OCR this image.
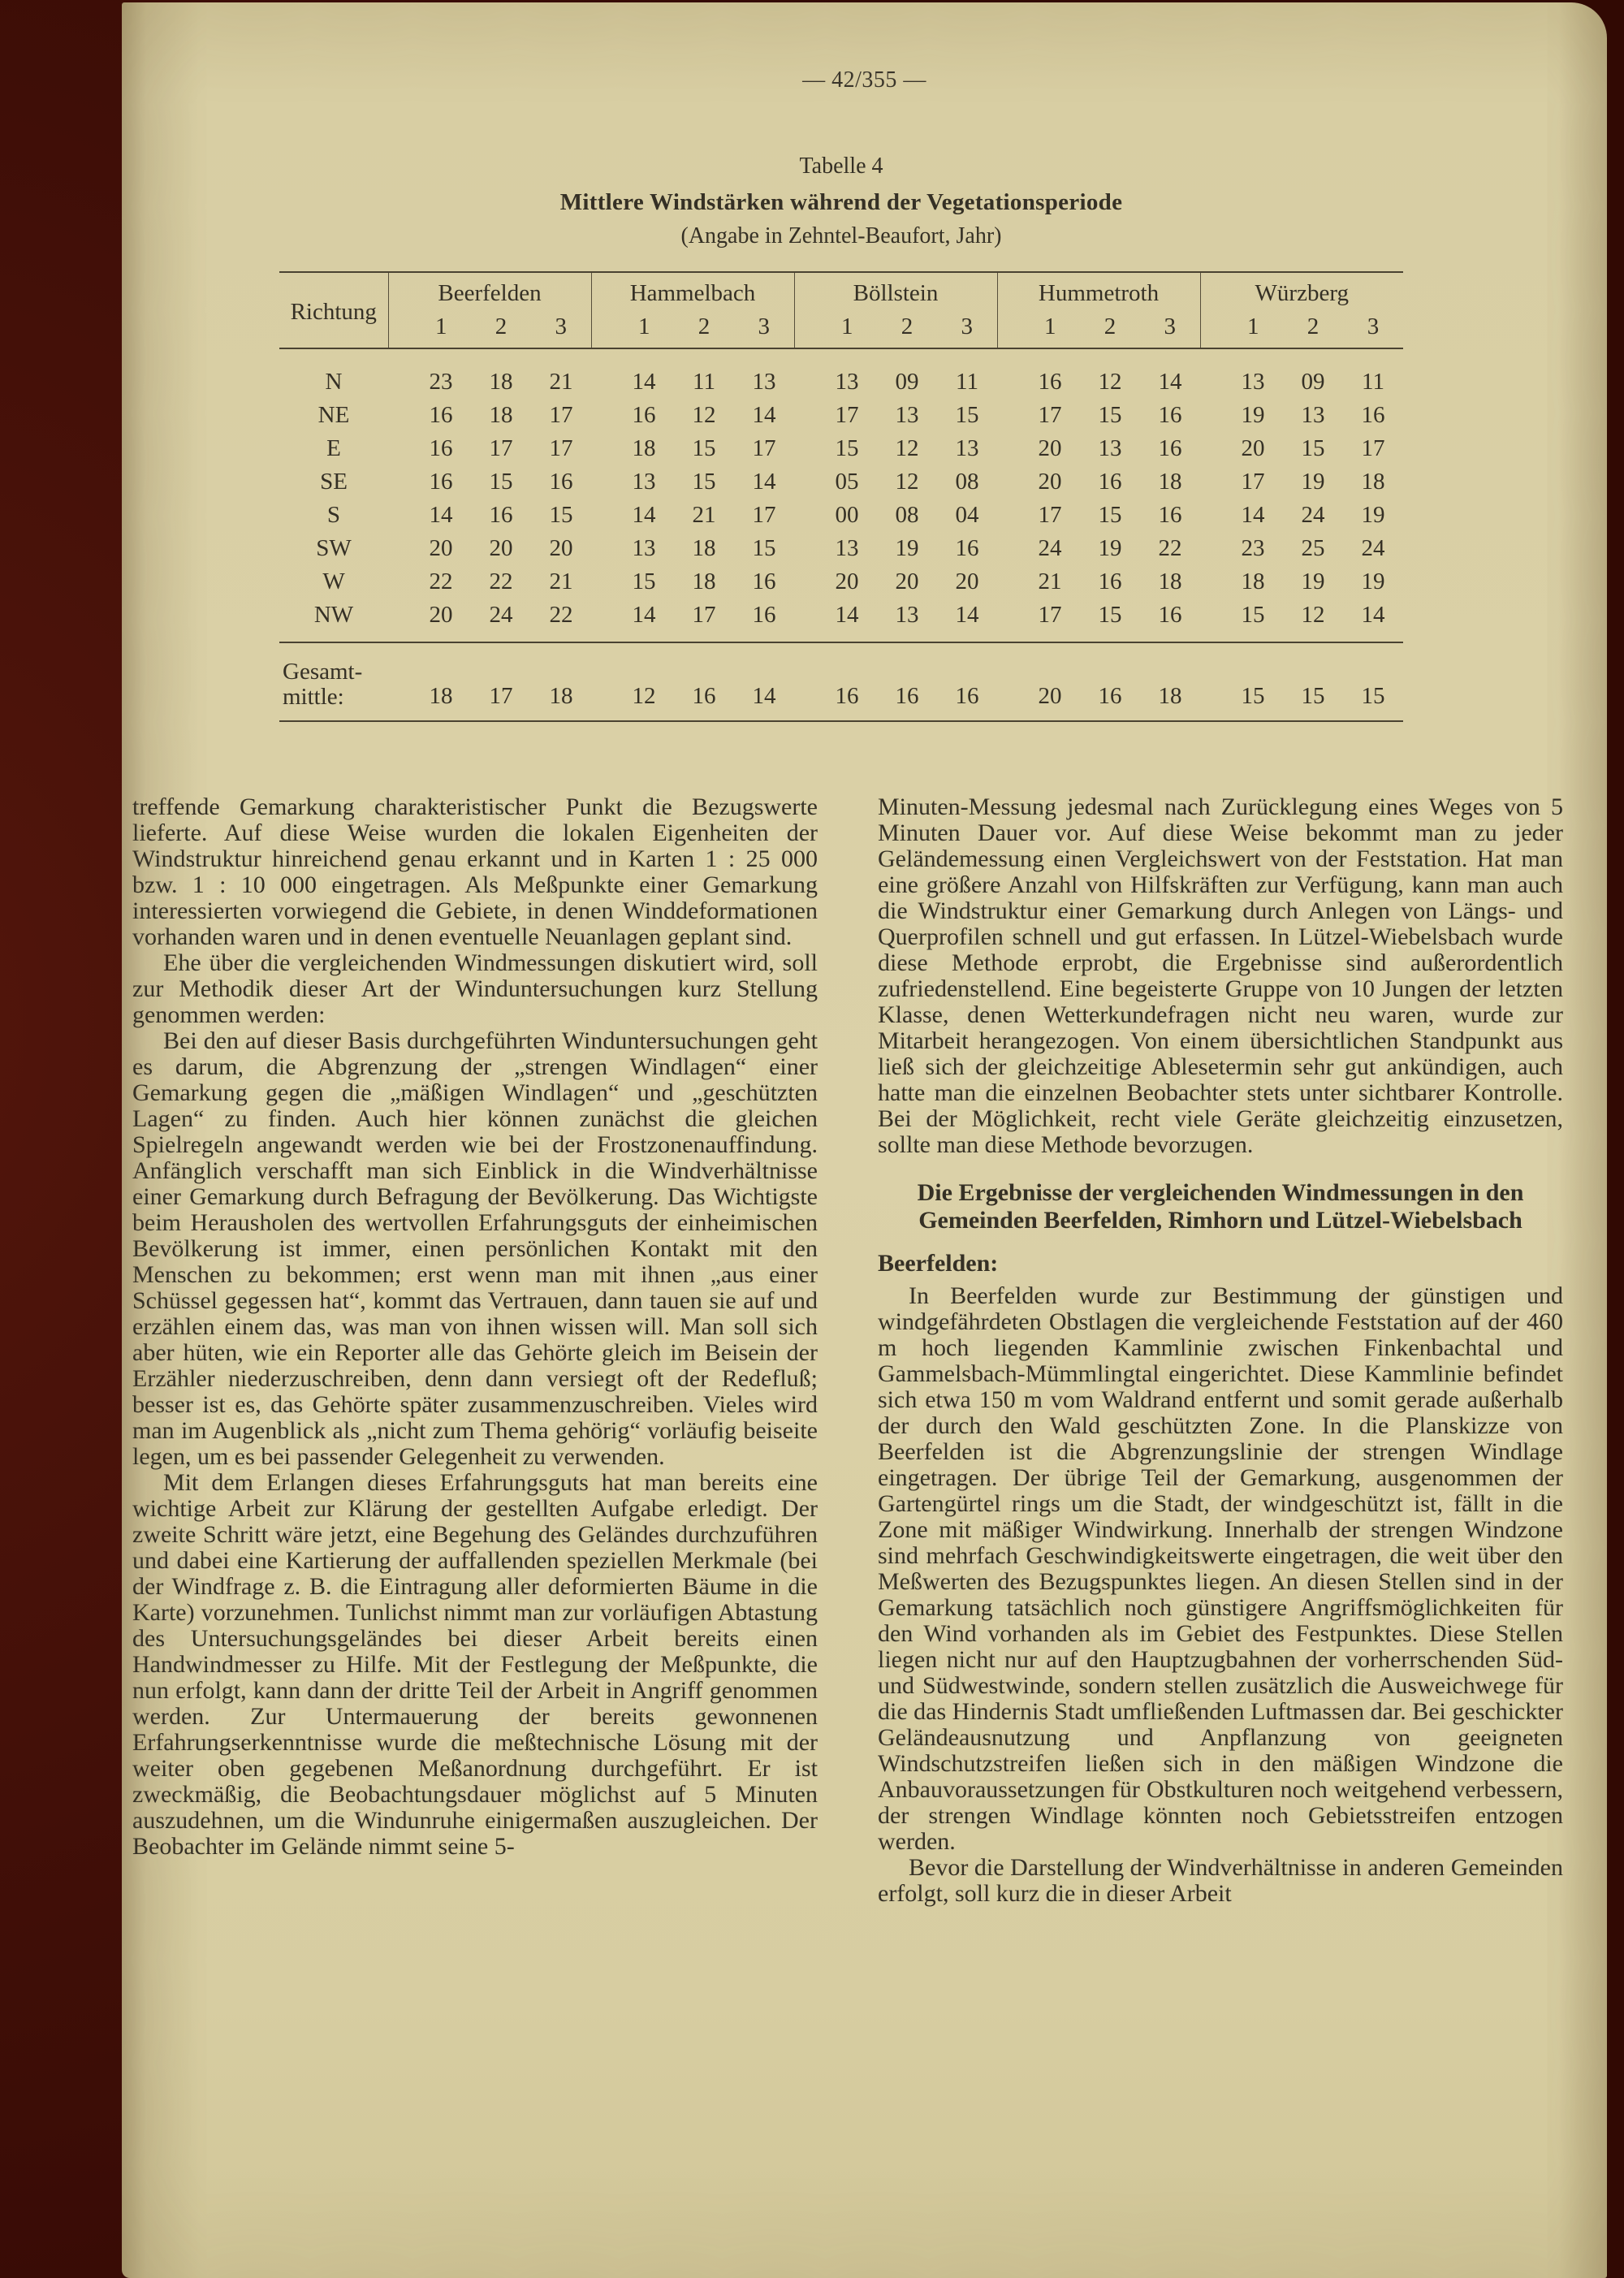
— 42/355 —
Tabelle 4
Mittlere Windstärken während der Vegetationsperiode
(Angabe in Zehntel-Beaufort, Jahr)
Richtung	Beerfelden			Hammelbach			Böllstein			Hummetroth			Würzberg		
	1	2	3	1	2	3	1	2	3	1	2	3	1	2	3
N	23	18	21	14	11	13	13	09	11	16	12	14	13	09	11
NE	16	18	17	16	12	14	17	13	15	17	15	16	19	13	16
E	16	17	17	18	15	17	15	12	13	20	13	16	20	15	17
SE	16	15	16	13	15	14	05	12	08	20	16	18	17	19	18
S	14	16	15	14	21	17	00	08	04	17	15	16	14	24	19
SW	20	20	20	13	18	15	13	19	16	24	19	22	23	25	24
W	22	22	21	15	18	16	20	20	20	21	16	18	18	19	19
NW	20	24	22	14	17	16	14	13	14	17	15	16	15	12	14

Gesamt-
mittle:	18	17	18	12	16	14	16	16	16	20	16	18	15	15	15

treffende Gemarkung charakteristischer Punkt die Bezugswerte lieferte. Auf diese Weise wurden die lokalen Eigenheiten der Windstruktur hinreichend genau erkannt und in Karten 1 : 25 000 bzw. 1 : 10 000 eingetragen. Als Meßpunkte einer Gemarkung interessierten vorwiegend die Gebiete, in denen Winddeformationen vorhanden waren und in denen eventuelle Neuanlagen geplant sind.

Ehe über die vergleichenden Windmessungen diskutiert wird, soll zur Methodik dieser Art der Winduntersuchungen kurz Stellung genommen werden:

Bei den auf dieser Basis durchgeführten Winduntersuchungen geht es darum, die Abgrenzung der „strengen Windlagen“ einer Gemarkung gegen die „mäßigen Windlagen“ und „geschützten Lagen“ zu finden. Auch hier können zunächst die gleichen Spielregeln angewandt werden wie bei der Frostzonenauffindung. Anfänglich verschafft man sich Einblick in die Windverhältnisse einer Gemarkung durch Befragung der Bevölkerung. Das Wichtigste beim Herausholen des wertvollen Erfahrungsguts der einheimischen Bevölkerung ist immer, einen persönlichen Kontakt mit den Menschen zu bekommen; erst wenn man mit ihnen „aus einer Schüssel gegessen hat“, kommt das Vertrauen, dann tauen sie auf und erzählen einem das, was man von ihnen wissen will. Man soll sich aber hüten, wie ein Reporter alle das Gehörte gleich im Beisein der Erzähler niederzuschreiben, denn dann versiegt oft der Redefluß; besser ist es, das Gehörte später zusammenzuschreiben. Vieles wird man im Augenblick als „nicht zum Thema gehörig“ vorläufig beiseite legen, um es bei passender Gelegenheit zu verwenden.

Mit dem Erlangen dieses Erfahrungsguts hat man bereits eine wichtige Arbeit zur Klärung der gestellten Aufgabe erledigt. Der zweite Schritt wäre jetzt, eine Begehung des Geländes durchzuführen und dabei eine Kartierung der auffallenden speziellen Merkmale (bei der Windfrage z. B. die Eintragung aller deformierten Bäume in die Karte) vorzunehmen. Tunlichst nimmt man zur vorläufigen Abtastung des Untersuchungsgeländes bei dieser Arbeit bereits einen Handwindmesser zu Hilfe. Mit der Festlegung der Meßpunkte, die nun erfolgt, kann dann der dritte Teil der Arbeit in Angriff genommen werden. Zur Untermauerung der bereits gewonnenen Erfahrungserkenntnisse wurde die meßtechnische Lösung mit der weiter oben gegebenen Meßanordnung durchgeführt. Er ist zweckmäßig, die Beobachtungsdauer möglichst auf 5 Minuten auszudehnen, um die Windunruhe einigermaßen auszugleichen. Der Beobachter im Gelände nimmt seine 5-

Minuten-Messung jedesmal nach Zurücklegung eines Weges von 5 Minuten Dauer vor. Auf diese Weise bekommt man zu jeder Geländemessung einen Vergleichswert von der Feststation. Hat man eine größere Anzahl von Hilfskräften zur Verfügung, kann man auch die Windstruktur einer Gemarkung durch Anlegen von Längs- und Querprofilen schnell und gut erfassen. In Lützel-Wiebelsbach wurde diese Methode erprobt, die Ergebnisse sind außerordentlich zufriedenstellend. Eine begeisterte Gruppe von 10 Jungen der letzten Klasse, denen Wetterkundefragen nicht neu waren, wurde zur Mitarbeit herangezogen. Von einem übersichtlichen Standpunkt aus ließ sich der gleichzeitige Ablesetermin sehr gut ankündigen, auch hatte man die einzelnen Beobachter stets unter sichtbarer Kontrolle. Bei der Möglichkeit, recht viele Geräte gleichzeitig einzusetzen, sollte man diese Methode bevorzugen.

Die Ergebnisse der vergleichenden Windmessungen in den Gemeinden Beerfelden, Rimhorn und Lützel-Wiebelsbach

Beerfelden:

In Beerfelden wurde zur Bestimmung der günstigen und windgefährdeten Obstlagen die vergleichende Feststation auf der 460 m hoch liegenden Kammlinie zwischen Finkenbachtal und Gammelsbach-Mümmlingtal eingerichtet. Diese Kammlinie befindet sich etwa 150 m vom Waldrand entfernt und somit gerade außerhalb der durch den Wald geschützten Zone. In die Planskizze von Beerfelden ist die Abgrenzungslinie der strengen Windlage eingetragen. Der übrige Teil der Gemarkung, ausgenommen der Gartengürtel rings um die Stadt, der windgeschützt ist, fällt in die Zone mit mäßiger Windwirkung. Innerhalb der strengen Windzone sind mehrfach Geschwindigkeitswerte eingetragen, die weit über den Meßwerten des Bezugspunktes liegen. An diesen Stellen sind in der Gemarkung tatsächlich noch günstigere Angriffsmöglichkeiten für den Wind vorhanden als im Gebiet des Festpunktes. Diese Stellen liegen nicht nur auf den Hauptzugbahnen der vorherrschenden Süd- und Südwestwinde, sondern stellen zusätzlich die Ausweichwege für die das Hindernis Stadt umfließenden Luftmassen dar. Bei geschickter Geländeausnutzung und Anpflanzung von geeigneten Windschutzstreifen ließen sich in den mäßigen Windzone die Anbauvoraussetzungen für Obstkulturen noch weitgehend verbessern, der strengen Windlage könnten noch Gebietsstreifen entzogen werden.

Bevor die Darstellung der Windverhältnisse in anderen Gemeinden erfolgt, soll kurz die in dieser Arbeit
